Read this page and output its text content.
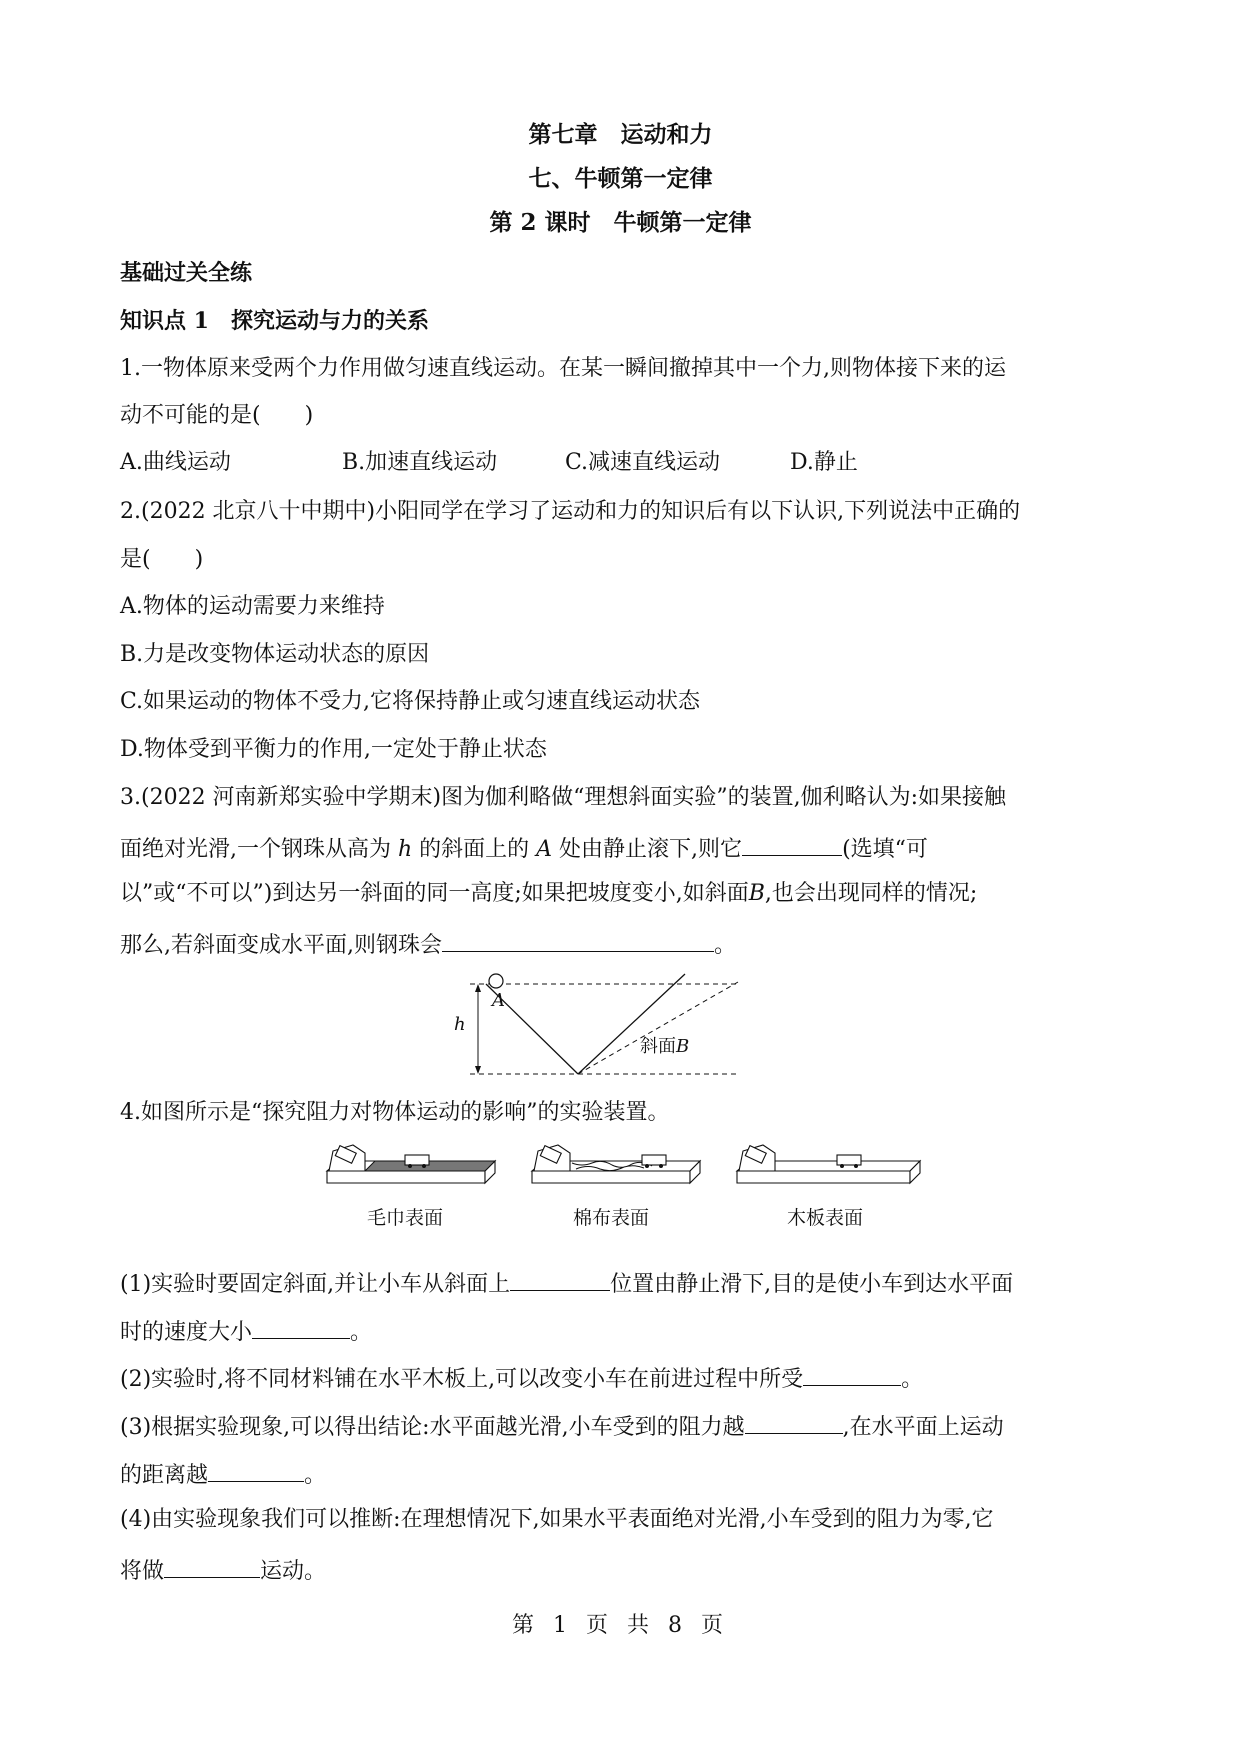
第七章　运动和力
七、牛顿第一定律
第 2 课时　牛顿第一定律
基础过关全练
知识点 1　探究运动与力的关系
1.一物体原来受两个力作用做匀速直线运动。在某一瞬间撤掉其中一个力,则物体接下来的运
动不可能的是(　　)
A.曲线运动	B.加速直线运动	C.减速直线运动	D.静止
2.(2022 北京八十中期中)小阳同学在学习了运动和力的知识后有以下认识,下列说法中正确的
是(　　)
A.物体的运动需要力来维持
B.力是改变物体运动状态的原因
C.如果运动的物体不受力,它将保持静止或匀速直线运动状态
D.物体受到平衡力的作用,一定处于静止状态
3.(2022 河南新郑实验中学期末)图为伽利略做“理想斜面实验”的装置,伽利略认为:如果接触
面绝对光滑,一个钢珠从高为 h 的斜面上的 A 处由静止滚下,则它	(选填“可
以”或“不可以”)到达另一斜面的同一高度;如果把坡度变小,如斜面B,也会出现同样的情况;
那么,若斜面变成水平面,则钢珠会	。
h
A
斜面B
4.如图所示是“探究阻力对物体运动的影响”的实验装置。
毛巾表面	棉布表面	木板表面
(1)实验时要固定斜面,并让小车从斜面上	位置由静止滑下,目的是使小车到达水平面
时的速度大小	。
(2)实验时,将不同材料铺在水平木板上,可以改变小车在前进过程中所受	。
(3)根据实验现象,可以得出结论:水平面越光滑,小车受到的阻力越	,在水平面上运动
的距离越	。
(4)由实验现象我们可以推断:在理想情况下,如果水平表面绝对光滑,小车受到的阻力为零,它
将做	运动。
第 1 页 共 8 页
